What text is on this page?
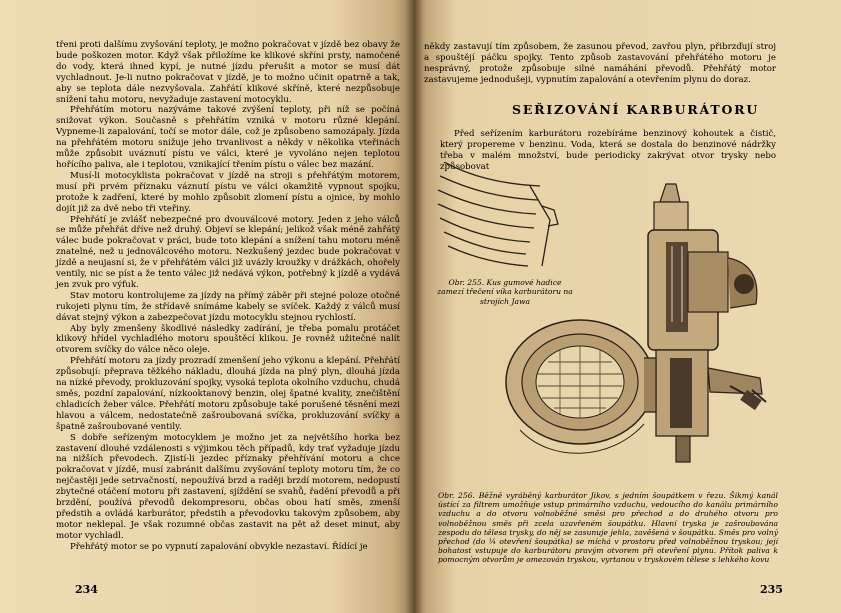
třeni proti dalšímu zvyšování teploty, je možno pokračovat v jízdě bez obavy že bude poškozen motor. Když však přiložíme ke klikové skříni prsty, namočené do vody, která ihned kypí, je nutné jízdu přerušit a motor se musí dát vychladnout. Je-li nutno pokračovat v jízdě, je to možno učinit opatrně a tak, aby se teplota dále nezvyšovala. Zahřátí klikové skříně, které nezpůsobuje snížení tahu motoru, nevyžaduje zastavení motocyklu.

Přehřátím motoru nazýváme takové zvýšení teploty, při níž se počíná snižovat výkon. Současně s přehřátím vzniká v motoru různé klepání. Vypneme-li zapalování, točí se motor dále, což je způsobeno samozápaly. Jízda na přehřátém motoru snižuje jeho trvanlivost a někdy v několika vteřinách může způsobit uváznutí pístu ve válci, které je vyvoláno nejen teplotou hořícího paliva, ale i teplotou, vznikající třením pístu o válec bez mazání.

Musí-li motocyklista pokračovat v jízdě na stroji s přehřátým motorem, musí při prvém příznaku váznutí pístu ve válci okamžitě vypnout spojku, protože k zadření, které by mohlo způsobit zlomení pístu a ojnice, by mohlo dojít již za dvě nebo tři vteřiny.

Přehřátí je zvlášť nebezpečné pro dvouválcové motory. Jeden z jeho válců se může přehřát dříve než druhý. Objeví se klepání; jelikož však méně zahřátý válec bude pokračovat v práci, bude toto klepání a snížení tahu motoru méně znatelné, než u jednoválcového motoru. Nezkušený jezdec bude pokračovat v jízdě a neujasní si, že v přehřátém válci již uvázly kroužky v drážkách, ohořely ventily, nic se píst a že tento válec již nedává výkon, potřebný k jízdě a vydává jen zvuk pro výfuk.

Stav motoru kontrolujeme za jízdy na přímý záběr při stejné poloze otočné rukojeti plynu tím, že střídavě snímáme kabely se svíček. Každý z válců musí dávat stejný výkon a zabezpečovat jízdu motocyklu stejnou rychlostí.

Aby byly zmenšeny škodlivé následky zadírání, je třeba pomalu protáčet klikový hřídel vychladlého motoru spouštěcí klikou. Je rovněž užitečné nalít otvorem svíčky do válce něco oleje.

Přehřátí motoru za jízdy prozradí zmenšení jeho výkonu a klepání. Přehřátí způsobují: přeprava těžkého nákladu, dlouhá jízda na plný plyn, dlouhá jízda na nízké převody, prokluzování spojky, vysoká teplota okolního vzduchu, chudá směs, pozdní zapalování, nízkooktanový benzin, olej špatné kvality, znečištění chladicích žeber válce. Přehřátí motoru způsobuje také porušené těsnění mezi hlavou a válcem, nedostatečně zašroubovaná svíčka, prokluzování svíčky a špatně zašroubované ventily.

S dobře seřízeným motocyklem je možno jet za největšího horka bez zastavení dlouhé vzdálenosti s výjimkou těch případů, kdy trať vyžaduje jízdu na nižších převodech. Zjistí-li jezdec příznaky přehřívání motoru a chce pokračovat v jízdě, musí zabránit dalšímu zvyšování teploty motoru tím, že co nejčastěji jede setrvačností, nepoužívá brzd a raději brzdí motorem, nedopustí zbytečné otáčení motoru při zastavení, sjíždění se svahů, řadění převodů a při brzdění, používá převodů dekompresoru, občas obou hatí směs, zmenší předstih a ovládá karburátor, předstih a převodovku takovým způsobem, aby motor neklepal. Je však rozumné občas zastavit na pět až deset minut, aby motor vychladl.

Přehřátý motor se po vypnutí zapalování obvykle nezastaví. Řídící je

234

někdy zastavují tím způsobem, že zasunou převod, zavřou plyn, přibrzďují stroj a spouštějí páčku spojky. Tento způsob zastavování přehřátého motoru je nesprávný, protože způsobuje silné namáhání převodů. Přehřátý motor zastavujeme jednodušeji, vypnutím zapalování a otevřením plynu do doraz.

SEŘIZOVÁNÍ KARBURÁTORU

Před seřízením karburátoru rozebíráme benzinový kohoutek a čistič, který propereme v benzinu. Voda, která se dostala do benzinové nádržky třeba v malém množství, bude periodicky zakrývat otvor trysky nebo způsobovat

Obr. 255. Kus gumové hadice zamezí třečení víka karburátoru na strojích Jawa
Obr. 256. Běžně vyráběný karburátor Jikov, s jedním šoupátkem v řezu. Šikmý kanál ústící za filtrem umožňuje vstup primárního vzduchu, vedoucího do kanálu primárního vzduchu a do otvoru volnoběžné směsi pro přechod a do druhého otvoru pro volnoběžnou směs při zcela uzavřeném šoupátku. Hlavní tryska je zašroubována zespodu do tělesa trysky, do něj se zasunuje jehla, zavěšená v šoupátku. Směs pro volný přechod (do ¼ otevření šoupátka) se míchá v prostoru před volnoběžnou tryskou; její bohatost vstupuje do karburátoru pravým otvorem při otevření plynu. Přítok paliva k pomocným otvorům je omezován tryskou, vyrtanou v tryskovém tělese s lehkého kovu
235
